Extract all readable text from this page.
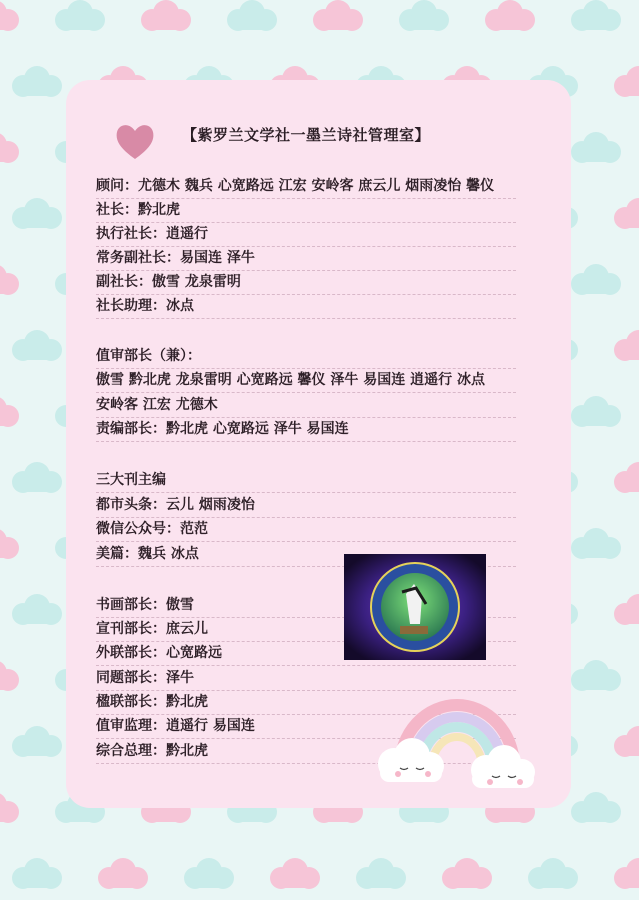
【紫罗兰文学社一墨兰诗社管理室】
顾问：尤德木 魏兵 心宽路远 江宏 安岭客 庶云儿 烟雨凌怡 馨仪
社长：黔北虎
执行社长：逍遥行
常务副社长：易国连 泽牛
副社长：傲雪 龙泉雷明
社长助理：冰点
值审部长（兼）：
傲雪 黔北虎 龙泉雷明 心宽路远 馨仪 泽牛 易国连 逍遥行 冰点
安岭客 江宏 尤德木
责编部长：黔北虎 心宽路远 泽牛 易国连
三大刊主编
都市头条：云儿 烟雨凌怡
微信公众号：范范
美篇：魏兵 冰点
书画部长：傲雪
宣刊部长：庶云儿
外联部长：心宽路远
同题部长：泽牛
楹联部长：黔北虎
值审监理：逍遥行 易国连
综合总理：黔北虎
